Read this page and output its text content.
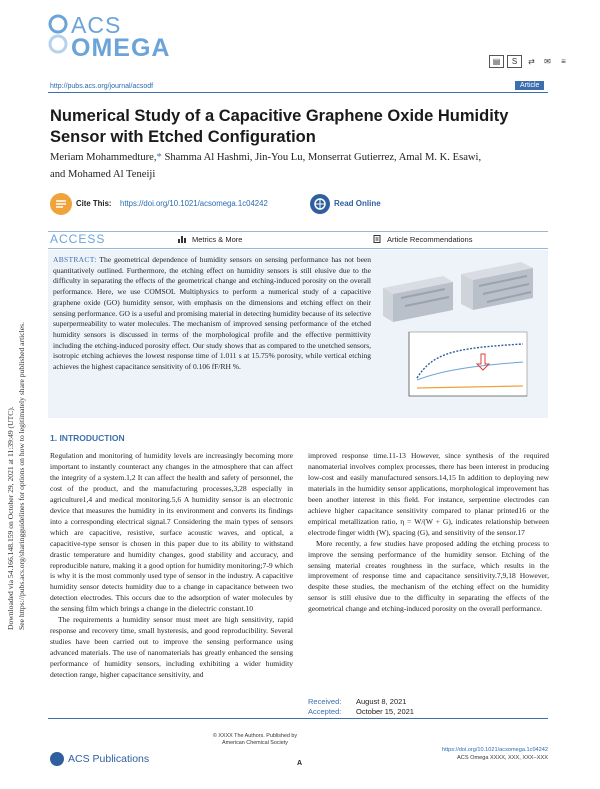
Downloaded via 54.166.148.159 on October 29, 2021 at 11:39:49 (UTC). See https://pubs.acs.org/sharingguidelines for options on how to legitimately share published articles.
ACS
OMEGA	▤ S ⇄ ✉ ≡
http://pubs.acs.org/journal/acsodf	Article
Numerical Study of a Capacitive Graphene Oxide Humidity Sensor with Etched Configuration
Meriam Mohammedture,* Shamma Al Hashmi, Jin-You Lu, Monserrat Gutierrez, Amal M. K. Esawi,
and Mohamed Al Teneiji
Cite This: https://doi.org/10.1021/acsomega.1c04242	Read Online
ACCESS	Metrics & More	Article Recommendations
ABSTRACT: The geometrical dependence of humidity sensors on sensing performance has not been quantitatively outlined. Furthermore, the etching effect on humidity sensors is still elusive due to the difficulty in separating the effects of the geometrical change and etching-induced porosity on the overall performance. Here, we use COMSOL Multiphysics to perform a numerical study of a capacitive graphene oxide (GO) humidity sensor, with emphasis on the dimensions and etching effect on their sensing performance. GO is a useful and promising material in detecting humidity because of its selective superpermeability to water molecules. The mechanism of improved sensing performance of the etched humidity sensors is discussed in terms of the morphological profile and the effective permittivity including the etching-induced porosity effect. Our study shows that as compared to the unetched sensors, isotropic etching achieves the lowest response time of 1.011 s at 15.75% porosity, while vertical etching achieves the highest capacitance sensitivity of 0.106 fF/RH %.
1. INTRODUCTION

Regulation and monitoring of humidity levels are increasingly becoming more important to instantly counteract any changes in the atmosphere that can affect the integrity of a system.1,2 It can affect the health and safety of personnel, the cost of the product, and the manufacturing processes,3,28 especially in agriculture1,4 and medical monitoring.5,6 A humidity sensor is an electronic device that measures the humidity in its environment and converts its findings into a corresponding electrical signal.7 Considering the main types of sensors which are capacitive, resistive, surface acoustic waves, and optical, a capacitive-type sensor is chosen in this paper due to its ability to withstand drastic temperature and humidity changes, good stability and accuracy, and reproducible nature, making it a good option for humidity monitoring;7-9 which is why it is the most commonly used type of sensor in the industry. A capacitive humidity sensor detects humidity due to a change in capacitance between two detection electrodes. This occurs due to the adsorption of water molecules by the sensing film which brings a change in the dielectric constant.10

The requirements a humidity sensor must meet are high sensitivity, rapid response and recovery time, small hysteresis, and good reproducibility. Several studies have been carried out to improve the sensing performance using advanced materials. The use of nanomaterials has greatly enhanced the sensing performance of humidity sensors, including exhibiting a wider humidity detection range, higher capacitance sensitivity, and

improved response time.11-13 However, since synthesis of the required nanomaterial involves complex processes, there has been interest in producing low-cost and easily manufactured sensors.14,15 In addition to deploying new materials in the humidity sensor applications, morphological improvement has been another interest in this field. For instance, serpentine electrodes can achieve higher capacitance sensitivity compared to planar printed16 or the empirical metallization ratio, η = W/(W + G), indicates relationship between electrode finger width (W), spacing (G), and sensitivity of the sensor.17

More recently, a few studies have proposed adding the etching process to improve the sensing performance of the humidity sensor. Etching of the sensing material creates roughness in the surface, which results in the improvement of response time and capacitance sensitivity.7,9,18 However, despite these studies, the mechanism of the etching effect on the humidity sensor is still elusive due to the difficulty in separating the effects of the geometrical change and etching-induced porosity on the overall performance.

Received: August 8, 2021
Accepted: October 15, 2021
ACS Publications
© XXXX The Authors. Published by American Chemical Society
A
https://doi.org/10.1021/acsomega.1c04242
ACS Omega XXXX, XXX, XXX−XXX
